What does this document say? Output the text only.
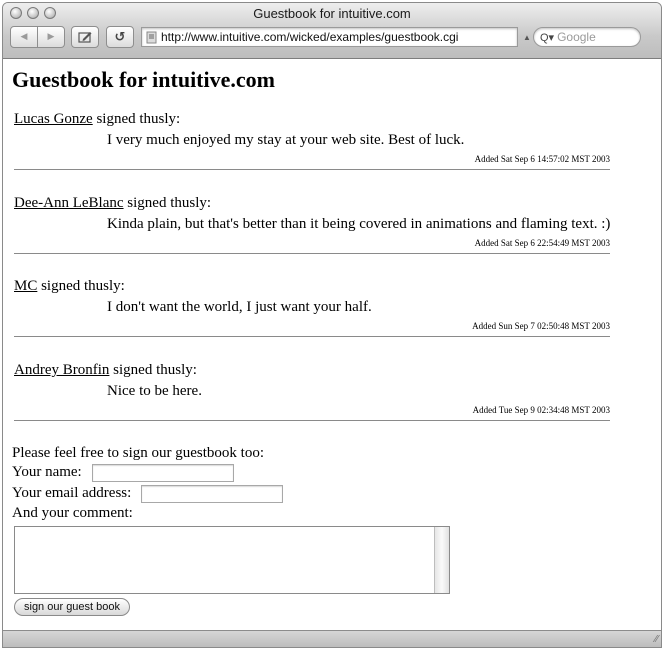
Guestbook for intuitive.com
◀ ▶	↺	http://www.intuitive.com/wicked/examples/guestbook.cgi	▲ Q▾ Google
Guestbook for intuitive.com
Lucas Gonze signed thusly:
I very much enjoyed my stay at your web site. Best of luck.
Added Sat Sep 6 14:57:02 MST 2003
Dee-Ann LeBlanc signed thusly:
Kinda plain, but that's better than it being covered in animations and flaming text. :)
Added Sat Sep 6 22:54:49 MST 2003
MC signed thusly:
I don't want the world, I just want your half.
Added Sun Sep 7 02:50:48 MST 2003
Andrey Bronfin signed thusly:
Nice to be here.
Added Tue Sep 9 02:34:48 MST 2003
Please feel free to sign our guestbook too:
Your name:
Your email address:
And your comment:
sign our guest book
⁄⁄
